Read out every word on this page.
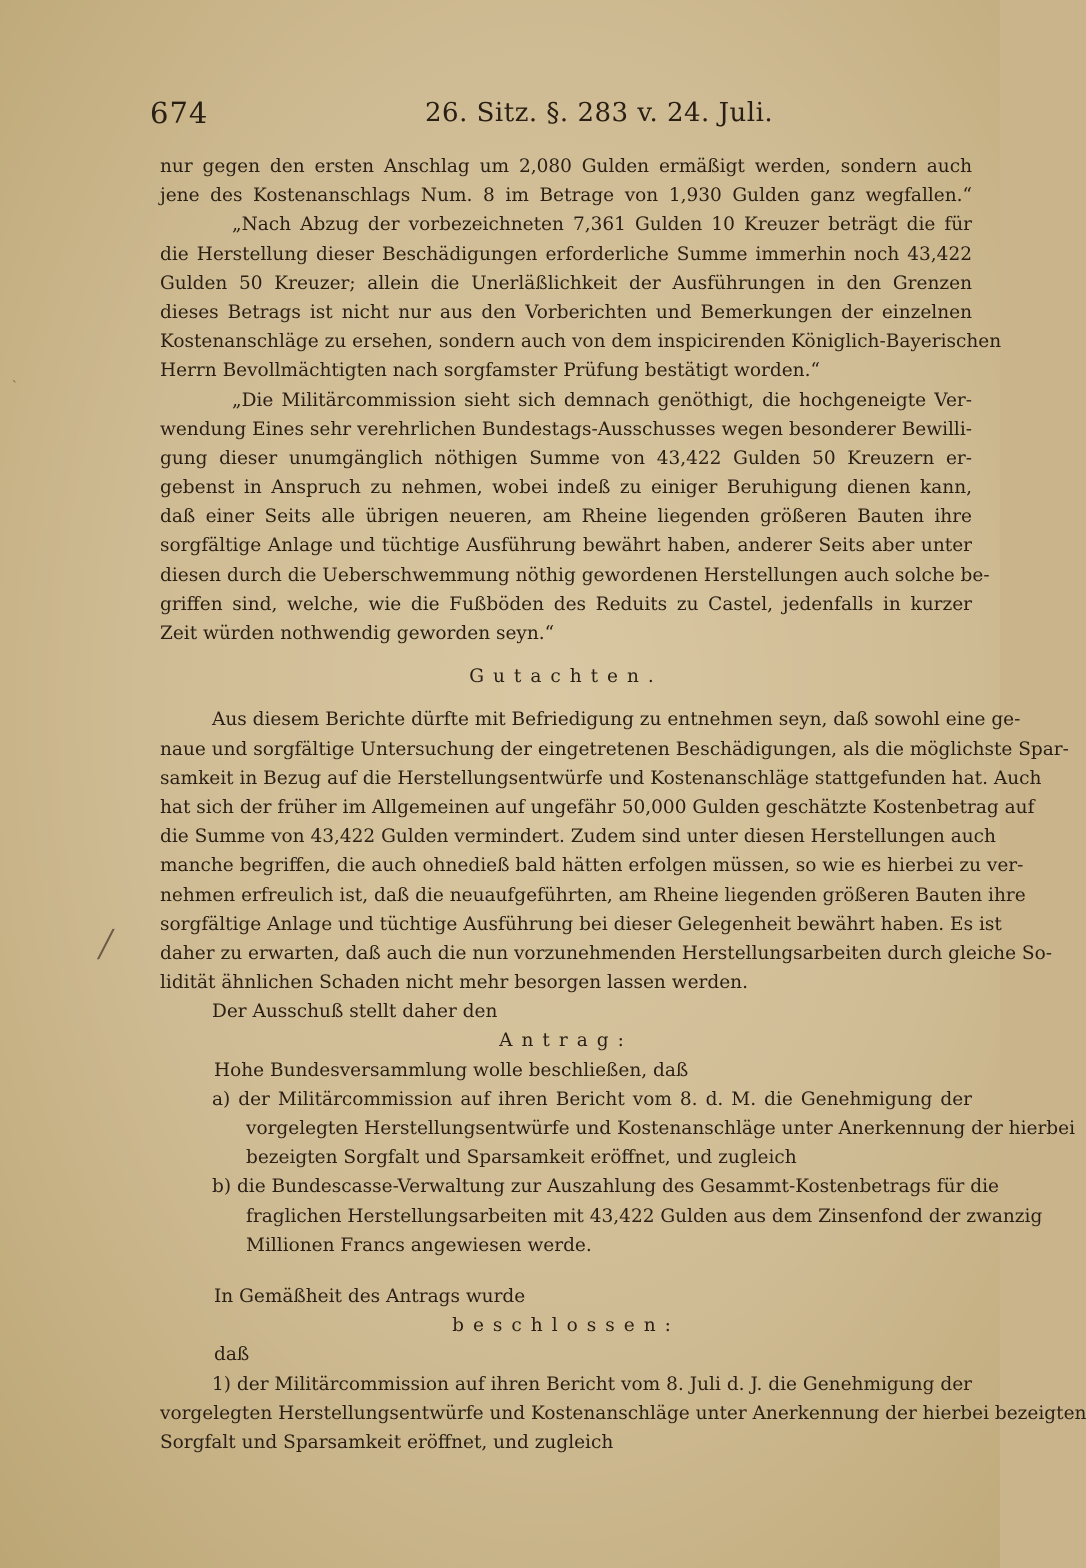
674	26. Sitz. §. 283 v. 24. Juli.
nur gegen den ersten Anschlag um 2,080 Gulden ermäßigt werden, sondern auch
jene des Kostenanschlags Num. 8 im Betrage von 1,930 Gulden ganz wegfallen.“
„Nach Abzug der vorbezeichneten 7,361 Gulden 10 Kreuzer beträgt die für
die Herstellung dieser Beschädigungen erforderliche Summe immerhin noch 43,422
Gulden 50 Kreuzer; allein die Unerläßlichkeit der Ausführungen in den Grenzen
dieses Betrags ist nicht nur aus den Vorberichten und Bemerkungen der einzelnen
Kostenanschläge zu ersehen, sondern auch von dem inspicirenden Königlich-Bayerischen
Herrn Bevollmächtigten nach sorgfamster Prüfung bestätigt worden.“
„Die Militärcommission sieht sich demnach genöthigt, die hochgeneigte Ver-
wendung Eines sehr verehrlichen Bundestags-Ausschusses wegen besonderer Bewilli-
gung dieser unumgänglich nöthigen Summe von 43,422 Gulden 50 Kreuzern er-
gebenst in Anspruch zu nehmen, wobei indeß zu einiger Beruhigung dienen kann,
daß einer Seits alle übrigen neueren, am Rheine liegenden größeren Bauten ihre
sorgfältige Anlage und tüchtige Ausführung bewährt haben, anderer Seits aber unter
diesen durch die Ueberschwemmung nöthig gewordenen Herstellungen auch solche be-
griffen sind, welche, wie die Fußböden des Reduits zu Castel, jedenfalls in kurzer
Zeit würden nothwendig geworden seyn.“
Gutachten.
Aus diesem Berichte dürfte mit Befriedigung zu entnehmen seyn, daß sowohl eine ge-
naue und sorgfältige Untersuchung der eingetretenen Beschädigungen, als die möglichste Spar-
samkeit in Bezug auf die Herstellungsentwürfe und Kostenanschläge stattgefunden hat. Auch
hat sich der früher im Allgemeinen auf ungefähr 50,000 Gulden geschätzte Kostenbetrag auf
die Summe von 43,422 Gulden vermindert. Zudem sind unter diesen Herstellungen auch
manche begriffen, die auch ohnedieß bald hätten erfolgen müssen, so wie es hierbei zu ver-
nehmen erfreulich ist, daß die neuaufgeführten, am Rheine liegenden größeren Bauten ihre
sorgfältige Anlage und tüchtige Ausführung bei dieser Gelegenheit bewährt haben. Es ist
daher zu erwarten, daß auch die nun vorzunehmenden Herstellungsarbeiten durch gleiche So-
lidität ähnlichen Schaden nicht mehr besorgen lassen werden.
Der Ausschuß stellt daher den
Antrag:
Hohe Bundesversammlung wolle beschließen, daß
a) der Militärcommission auf ihren Bericht vom 8. d. M. die Genehmigung der
vorgelegten Herstellungsentwürfe und Kostenanschläge unter Anerkennung der hierbei
bezeigten Sorgfalt und Sparsamkeit eröffnet, und zugleich
b) die Bundescasse-Verwaltung zur Auszahlung des Gesammt-Kostenbetrags für die
fraglichen Herstellungsarbeiten mit 43,422 Gulden aus dem Zinsenfond der zwanzig
Millionen Francs angewiesen werde.
In Gemäßheit des Antrags wurde
beschlossen:
daß
1) der Militärcommission auf ihren Bericht vom 8. Juli d. J. die Genehmigung der
vorgelegten Herstellungsentwürfe und Kostenanschläge unter Anerkennung der hierbei bezeigten
Sorgfalt und Sparsamkeit eröffnet, und zugleich
╱
˴
